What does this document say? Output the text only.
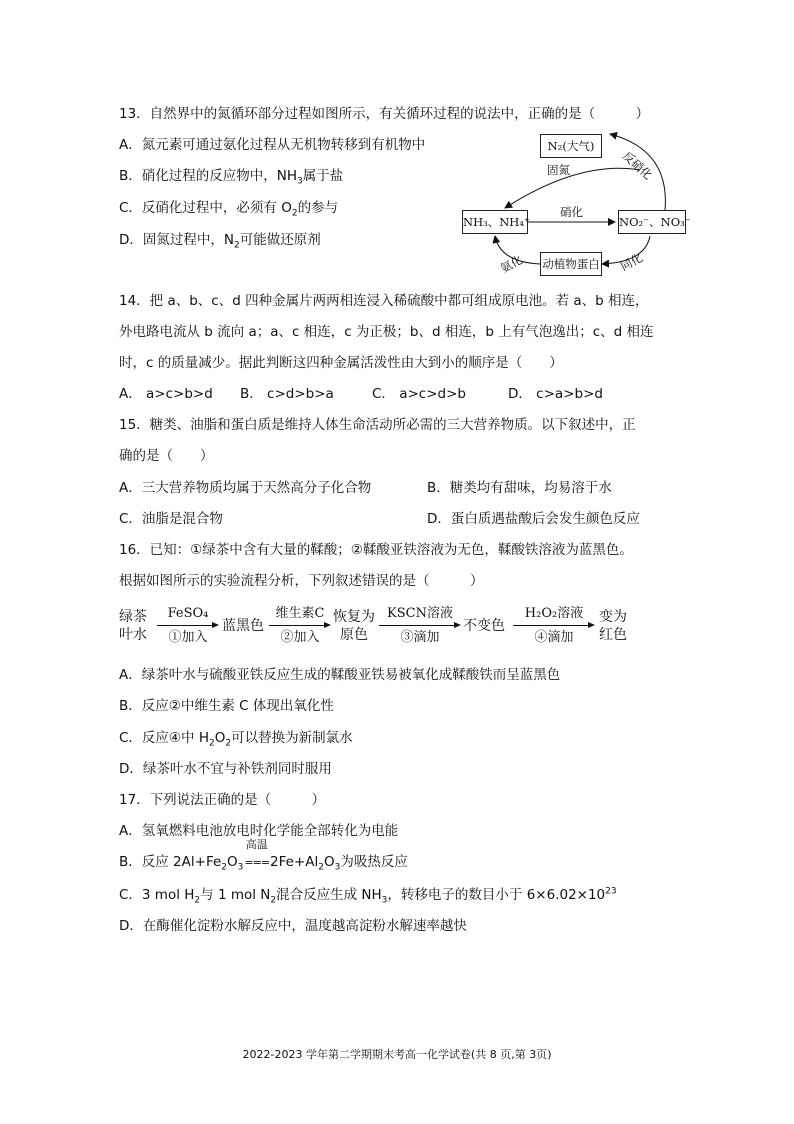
13．自然界中的氮循环部分过程如图所示，有关循环过程的说法中，正确的是（　　　）
A．氮元素可通过氨化过程从无机物转移到有机物中
B．硝化过程的反应物中，$NH_3$属于盐
C．反硝化过程中，必须有 $O_2$的参与
D．固氮过程中，$N_2$可能做还原剂
N₂(大气)
NH₃、NH₄⁺	NO₂⁻、NO₃⁻
动植物蛋白
固氮
硝化
反硝化
氨化	同化
14．把 a、b、c、d 四种金属片两两相连浸入稀硫酸中都可组成原电池。若 a、b 相连，
外电路电流从 b 流向 a；a、c 相连，c 为正极；b、d 相连，b 上有气泡逸出；c、d 相连
时，c 的质量减少。据此判断这四种金属活泼性由大到小的顺序是（　　）
A． a>c>b>d B． c>d>b>a	C． a>c>d>b	D． c>a>b>d
15．糖类、油脂和蛋白质是维持人体生命活动所必需的三大营养物质。以下叙述中，正
确的是（　　）
A．三大营养物质均属于天然高分子化合物	B．糖类均有甜味，均易溶于水
C．油脂是混合物	D．蛋白质遇盐酸后会发生颜色反应
16．已知：①绿茶中含有大量的鞣酸；②鞣酸亚铁溶液为无色，鞣酸铁溶液为蓝黑色。
根据如图所示的实验流程分析，下列叙述错误的是（　　　）
绿茶
叶水
FeSO₄
①加入
蓝黑色
维生素C
②加入
恢复为
原色
KSCN溶液
③滴加
不变色
H₂O₂溶液
④滴加
变为
红色
A．绿茶叶水与硫酸亚铁反应生成的鞣酸亚铁易被氧化成鞣酸铁而呈蓝黑色
B．反应②中维生素 C 体现出氧化性
C．反应④中 $H_2O_2$可以替换为新制氯水
D．绿茶叶水不宜与补铁剂同时服用
17．下列说法正确的是（　　　）
A．氢氧燃料电池放电时化学能全部转化为电能
B．反应 $2Al+Fe_2O_3$
高温
$===2Fe+Al_2O_3$为吸热反应
C．3 mol $H_2$与 1 mol $N_2$混合反应生成 $NH_3$，转移电子的数目小于 $6\times 6.02\times 10^{23}$
D．在酶催化淀粉水解反应中，温度越高淀粉水解速率越快
2022-2023 学年第二学期期末考高一化学试卷(共 8 页,第 3页)
